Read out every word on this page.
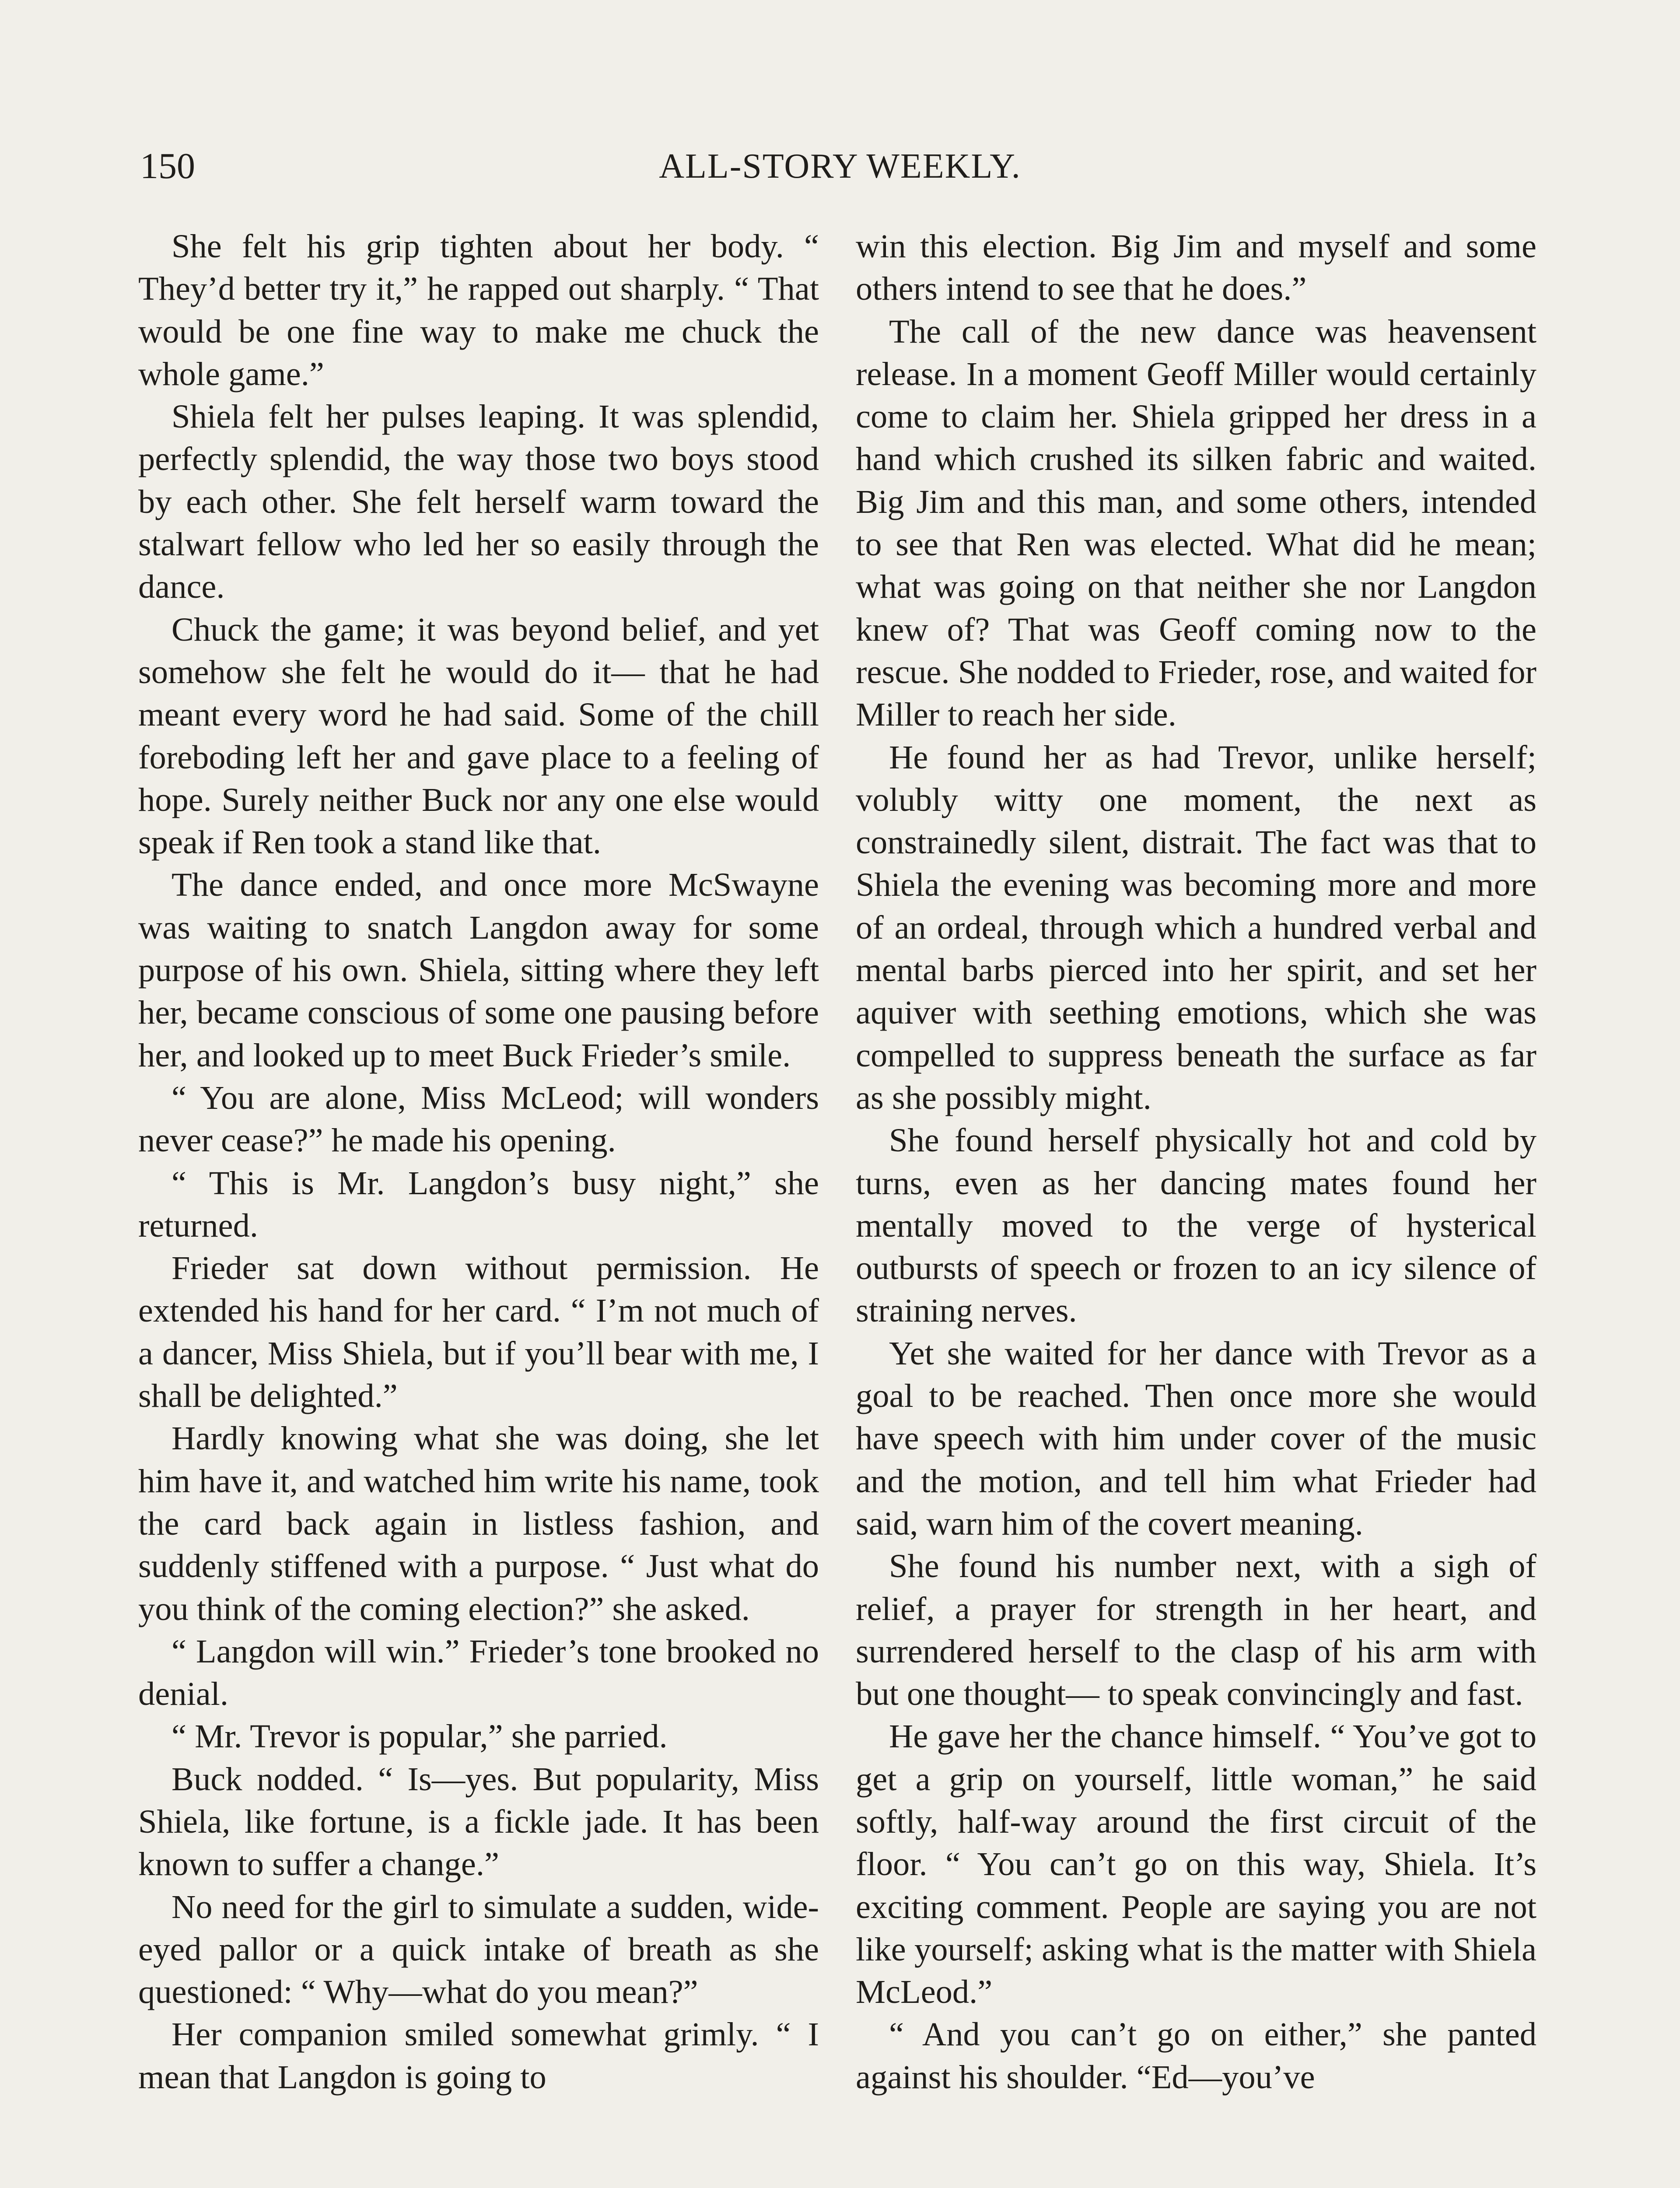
150	ALL-STORY WEEKLY.

She felt his grip tighten about her body. “ They’d better try it,” he rapped out sharply. “ That would be one fine way to make me chuck the whole game.”

Shiela felt her pulses leaping. It was splendid, perfectly splendid, the way those two boys stood by each other. She felt herself warm toward the stalwart fellow who led her so easily through the dance.

Chuck the game; it was beyond belief, and yet somehow she felt he would do it— that he had meant every word he had said. Some of the chill foreboding left her and gave place to a feeling of hope. Surely neither Buck nor any one else would speak if Ren took a stand like that.

The dance ended, and once more McSwayne was waiting to snatch Langdon away for some purpose of his own. Shiela, sitting where they left her, became conscious of some one pausing before her, and looked up to meet Buck Frieder’s smile.

“ You are alone, Miss McLeod; will wonders never cease?” he made his opening.

“ This is Mr. Langdon’s busy night,” she returned.

Frieder sat down without permission. He extended his hand for her card. “ I’m not much of a dancer, Miss Shiela, but if you’ll bear with me, I shall be delighted.”

Hardly knowing what she was doing, she let him have it, and watched him write his name, took the card back again in listless fashion, and suddenly stiffened with a purpose. “ Just what do you think of the coming election?” she asked.

“ Langdon will win.” Frieder’s tone brooked no denial.

“ Mr. Trevor is popular,” she parried.

Buck nodded. “ Is—yes. But popularity, Miss Shiela, like fortune, is a fickle jade. It has been known to suffer a change.”

No need for the girl to simulate a sudden, wide-eyed pallor or a quick intake of breath as she questioned: “ Why—what do you mean?”

Her companion smiled somewhat grimly. “ I mean that Langdon is going to

win this election. Big Jim and myself and some others intend to see that he does.”

The call of the new dance was heavensent release. In a moment Geoff Miller would certainly come to claim her. Shiela gripped her dress in a hand which crushed its silken fabric and waited. Big Jim and this man, and some others, intended to see that Ren was elected. What did he mean; what was going on that neither she nor Langdon knew of? That was Geoff coming now to the rescue. She nodded to Frieder, rose, and waited for Miller to reach her side.

He found her as had Trevor, unlike herself; volubly witty one moment, the next as constrainedly silent, distrait. The fact was that to Shiela the evening was becoming more and more of an ordeal, through which a hundred verbal and mental barbs pierced into her spirit, and set her aquiver with seething emotions, which she was compelled to suppress beneath the surface as far as she possibly might.

She found herself physically hot and cold by turns, even as her dancing mates found her mentally moved to the verge of hysterical outbursts of speech or frozen to an icy silence of straining nerves.

Yet she waited for her dance with Trevor as a goal to be reached. Then once more she would have speech with him under cover of the music and the motion, and tell him what Frieder had said, warn him of the covert meaning.

She found his number next, with a sigh of relief, a prayer for strength in her heart, and surrendered herself to the clasp of his arm with but one thought— to speak convincingly and fast.

He gave her the chance himself. “ You’ve got to get a grip on yourself, little woman,” he said softly, half-way around the first circuit of the floor. “ You can’t go on this way, Shiela. It’s exciting comment. People are saying you are not like yourself; asking what is the matter with Shiela McLeod.”

“ And you can’t go on either,” she panted against his shoulder. “Ed—you’ve
